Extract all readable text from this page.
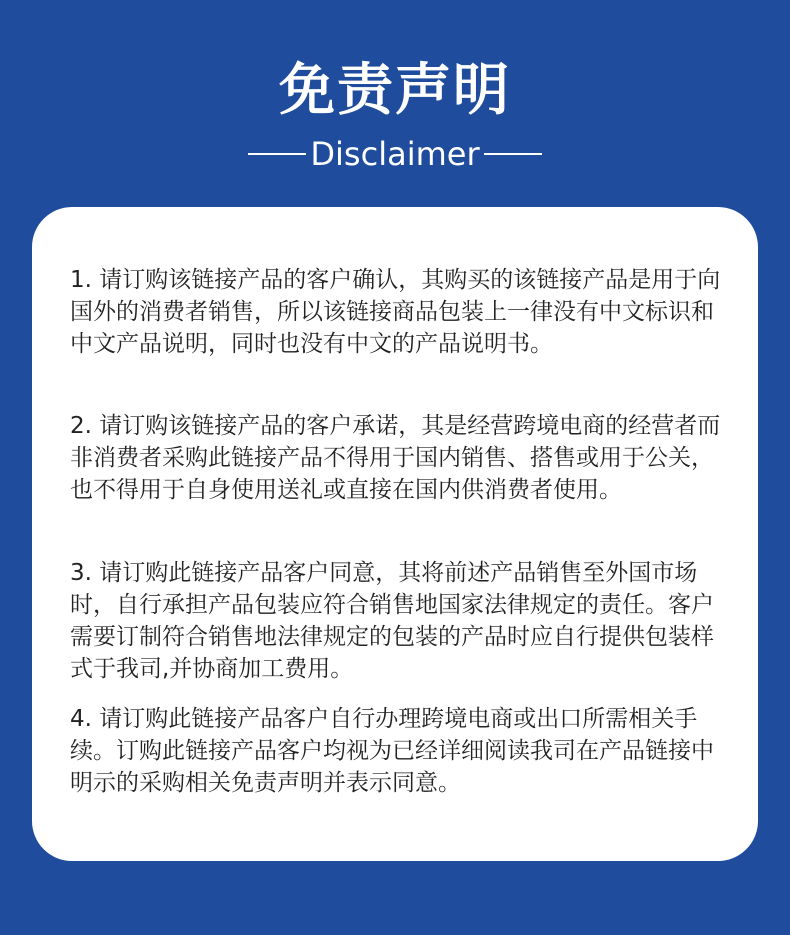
免责声明
Disclaimer

1. 请订购该链接产品的客户确认，其购买的该链接产品是用于向国外的消费者销售，所以该链接商品包装上一律没有中文标识和中文产品说明，同时也没有中文的产品说明书。

2. 请订购该链接产品的客户承诺，其是经营跨境电商的经营者而非消费者采购此链接产品不得用于国内销售、搭售或用于公关，也不得用于自身使用送礼或直接在国内供消费者使用。

3. 请订购此链接产品客户同意，其将前述产品销售至外国市场时，自行承担产品包装应符合销售地国家法律规定的责任。客户需要订制符合销售地法律规定的包装的产品时应自行提供包装样式于我司,并协商加工费用。

4. 请订购此链接产品客户自行办理跨境电商或出口所需相关手续。订购此链接产品客户均视为已经详细阅读我司在产品链接中明示的采购相关免责声明并表示同意。
